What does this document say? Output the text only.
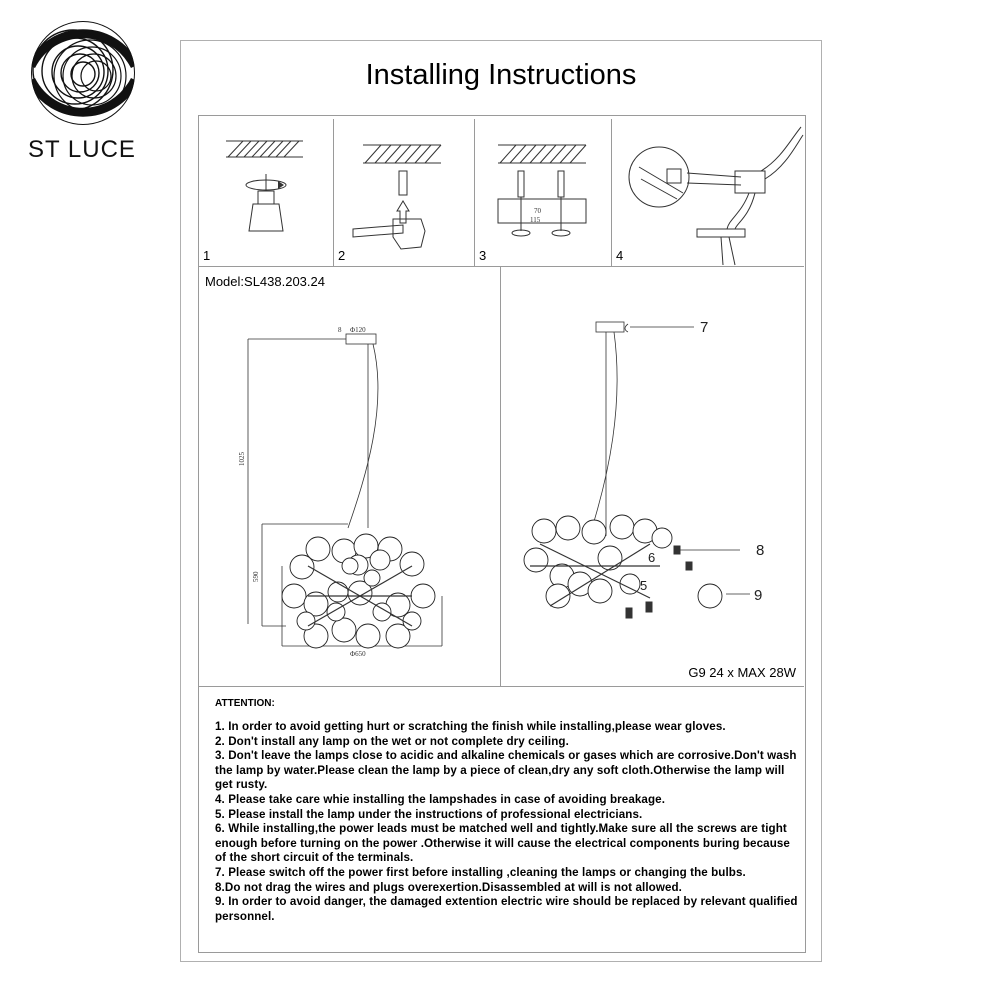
ST LUCE
Installing Instructions
1	2
70
115
3	4
Model:SL438.203.24
Φ120
8
1025
590
Φ650
7
8
9
6
5
G9 24 x MAX 28W
ATTENTION:
1. In order to avoid getting hurt or scratching the finish while installing,please wear gloves.
2. Don't install any lamp on the wet or not complete dry ceiling.
3. Don't leave the lamps close to acidic and alkaline chemicals or gases which are corrosive.Don't wash the lamp by water.Please clean the lamp by a piece of clean,dry any soft cloth.Otherwise the lamp will get rusty.
4. Please take care whie installing the lampshades in case of avoiding breakage.
5. Please install the lamp under the instructions of professional electricians.
6. While installing,the power leads must be matched well and tightly.Make sure all the screws are tight enough before turning on the power .Otherwise it will cause the electrical components buring because of the short circuit of the terminals.
7. Please switch off the power first before installing ,cleaning the lamps or changing the bulbs.
8.Do not drag the wires and plugs overexertion.Disassembled at will is not allowed.
9. In order to avoid danger, the damaged extention electric wire should be replaced by relevant qualified personnel.
